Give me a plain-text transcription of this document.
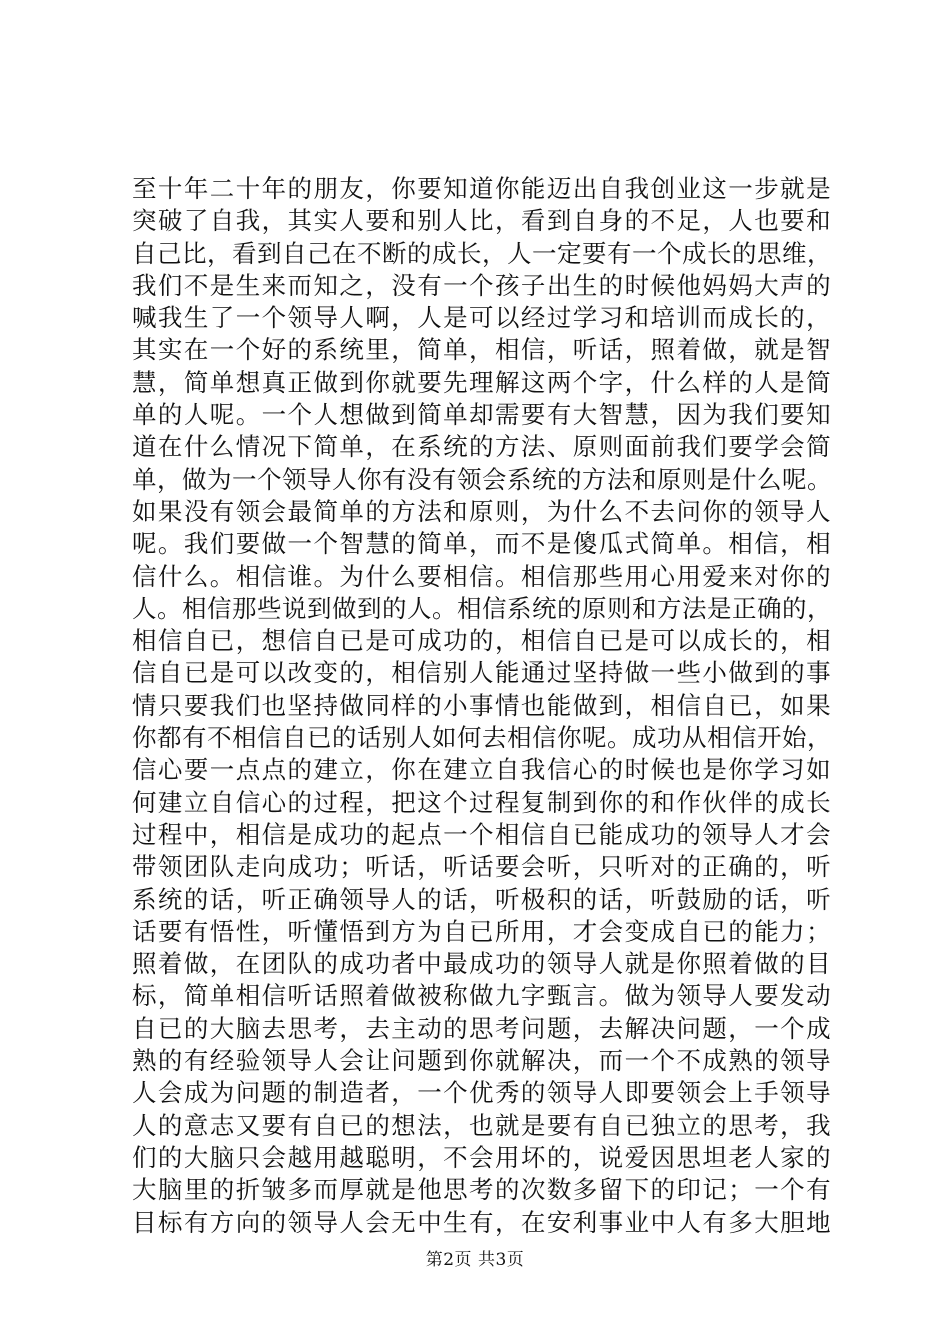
至十年二十年的朋友，你要知道你能迈出自我创业这一步就是
突破了自我，其实人要和别人比，看到自身的不足，人也要和
自己比，看到自己在不断的成长，人一定要有一个成长的思维，
我们不是生来而知之，没有一个孩子出生的时候他妈妈大声的
喊我生了一个领导人啊，人是可以经过学习和培训而成长的，
其实在一个好的系统里，简单，相信，听话，照着做，就是智
慧，简单想真正做到你就要先理解这两个字，什么样的人是简
单的人呢。一个人想做到简单却需要有大智慧，因为我们要知
道在什么情况下简单，在系统的方法、原则面前我们要学会简
单，做为一个领导人你有没有领会系统的方法和原则是什么呢。
如果没有领会最简单的方法和原则，为什么不去问你的领导人
呢。我们要做一个智慧的简单，而不是傻瓜式简单。相信，相
信什么。相信谁。为什么要相信。相信那些用心用爱来对你的
人。相信那些说到做到的人。相信系统的原则和方法是正确的，
相信自已，想信自已是可成功的，相信自已是可以成长的，相
信自已是可以改变的，相信别人能通过坚持做一些小做到的事
情只要我们也坚持做同样的小事情也能做到，相信自已，如果
你都有不相信自已的话别人如何去相信你呢。成功从相信开始，
信心要一点点的建立，你在建立自我信心的时候也是你学习如
何建立自信心的过程，把这个过程复制到你的和作伙伴的成长
过程中，相信是成功的起点一个相信自已能成功的领导人才会
带领团队走向成功；听话，听话要会听，只听对的正确的，听
系统的话，听正确领导人的话，听极积的话，听鼓励的话，听
话要有悟性，听懂悟到方为自已所用，才会变成自已的能力；
照着做，在团队的成功者中最成功的领导人就是你照着做的目
标，简单相信听话照着做被称做九字甄言。做为领导人要发动
自已的大脑去思考，去主动的思考问题，去解决问题，一个成
熟的有经验领导人会让问题到你就解决，而一个不成熟的领导
人会成为问题的制造者，一个优秀的领导人即要领会上手领导
人的意志又要有自已的想法，也就是要有自已独立的思考，我
们的大脑只会越用越聪明，不会用坏的，说爱因思坦老人家的
大脑里的折皱多而厚就是他思考的次数多留下的印记；一个有
目标有方向的领导人会无中生有，在安利事业中人有多大胆地
第2页 共3页
